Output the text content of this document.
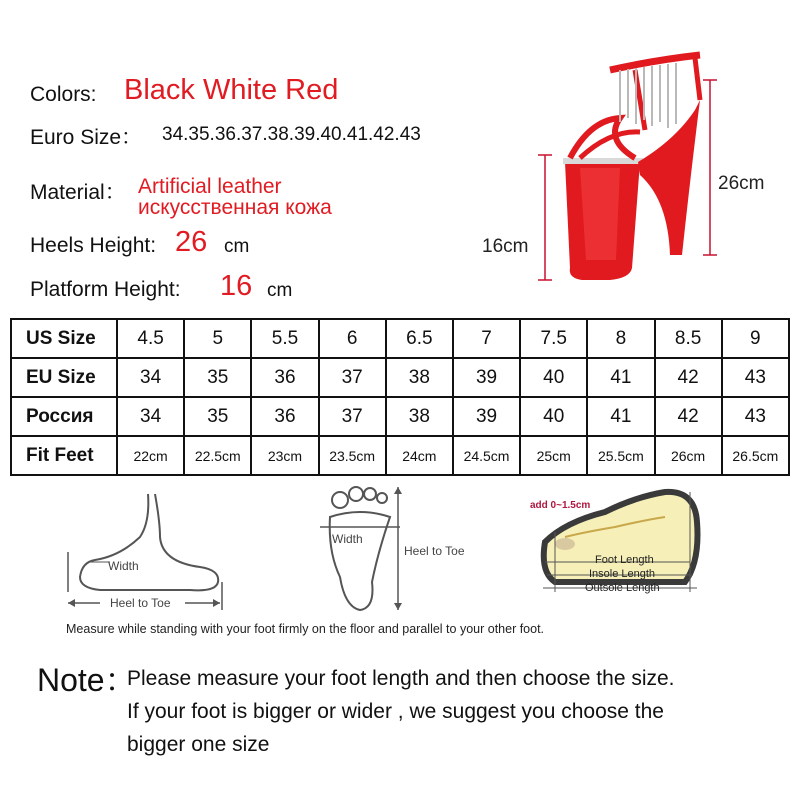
Colors: Black White Red
Euro Size： 34.35.36.37.38.39.40.41.42.43
Material： Artificial leather
искусственная кожа
Heels Height: 26 cm
Platform Height: 16 cm
16cm
26cm
US Size	4.5	5	5.5	6	6.5	7	7.5	8	8.5	9
EU Size	34	35	36	37	38	39	40	41	42	43
Россия	34	35	36	37	38	39	40	41	42	43
Fit Feet	22cm	22.5cm	23cm	23.5cm	24cm	24.5cm	25cm	25.5cm	26cm	26.5cm
Width
Heel to Toe
Width
Heel to Toe
add 0~1.5cm
Foot Length
Insole Length
Outsole Length
Measure while standing with your foot firmly on the floor and parallel to your other foot.
Note：
Please measure your foot length and then choose the size.
If your foot is bigger or wider , we suggest you choose the
bigger one size
